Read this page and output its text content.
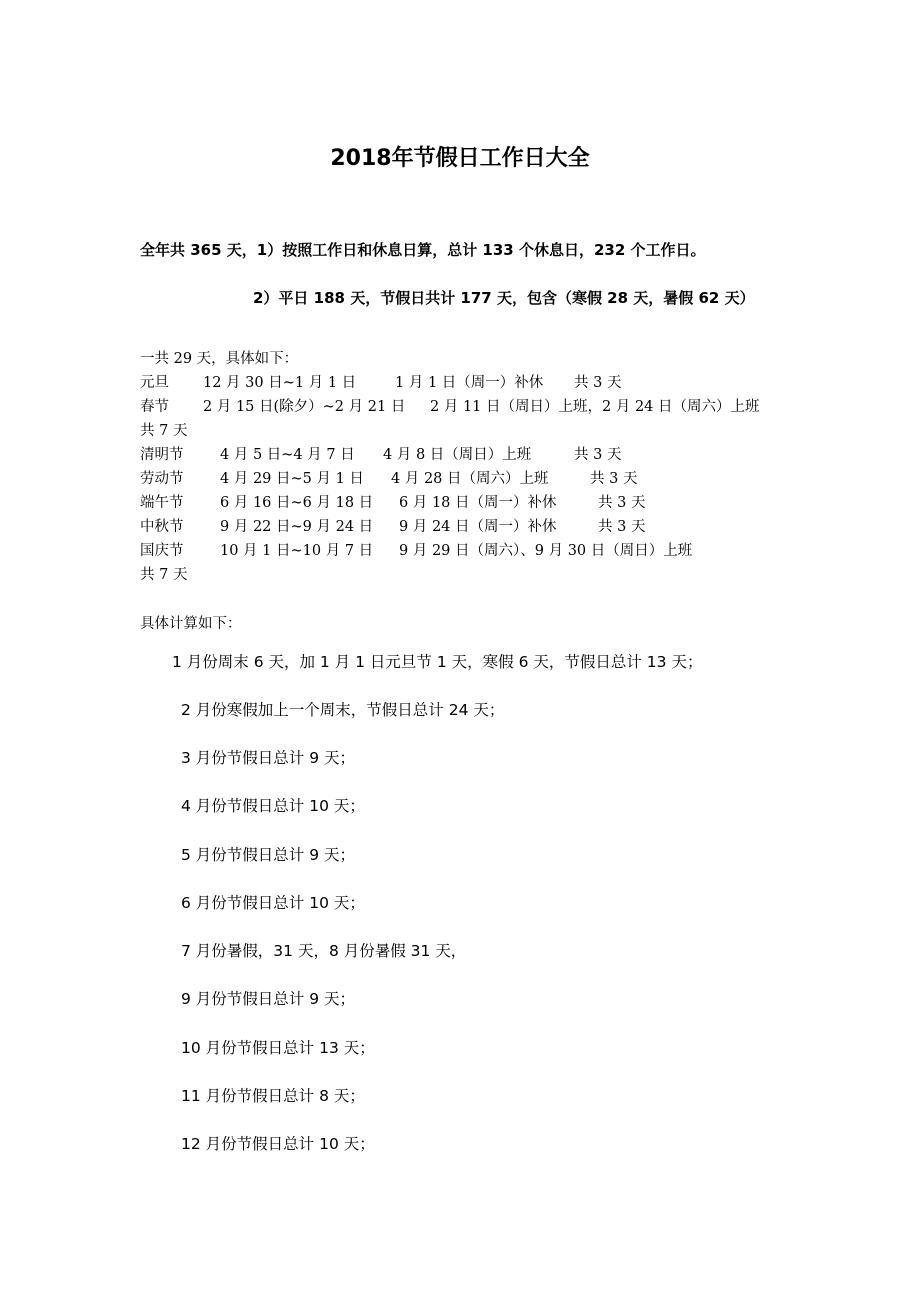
2018年节假日工作日大全
全年共 365 天，1）按照工作日和休息日算，总计 133 个休息日，232 个工作日。
2）平日 188 天，节假日共计 177 天，包含（寒假 28 天，暑假 62 天）
一共 29 天，具体如下：
元旦 12 月 30 日~1 月 1 日	1 月 1 日（周一）补休 共 3 天
春节 2 月 15 日(除夕）~2 月 21 日 2 月 11 日（周日）上班，2 月 24 日（周六）上班
共 7 天
清明节	4 月 5 日~4 月 7 日 4 月 8 日（周日）上班	共 3 天
劳动节	4 月 29 日~5 月 1 日 4 月 28 日（周六）上班	共 3 天
端午节	6 月 16 日~6 月 18 日 6 月 18 日（周一）补休	共 3 天
中秋节	9 月 22 日~9 月 24 日 9 月 24 日（周一）补休	共 3 天
国庆节	10 月 1 日~10 月 7 日 9 月 29 日（周六）、9 月 30 日（周日）上班
共 7 天
具体计算如下：
1 月份周末 6 天，加 1 月 1 日元旦节 1 天，寒假 6 天，节假日总计 13 天；
2 月份寒假加上一个周末，节假日总计 24 天；
3 月份节假日总计 9 天；
4 月份节假日总计 10 天；
5 月份节假日总计 9 天；
6 月份节假日总计 10 天；
7 月份暑假，31 天，8 月份暑假 31 天，
9 月份节假日总计 9 天；
10 月份节假日总计 13 天；
11 月份节假日总计 8 天；
12 月份节假日总计 10 天；
